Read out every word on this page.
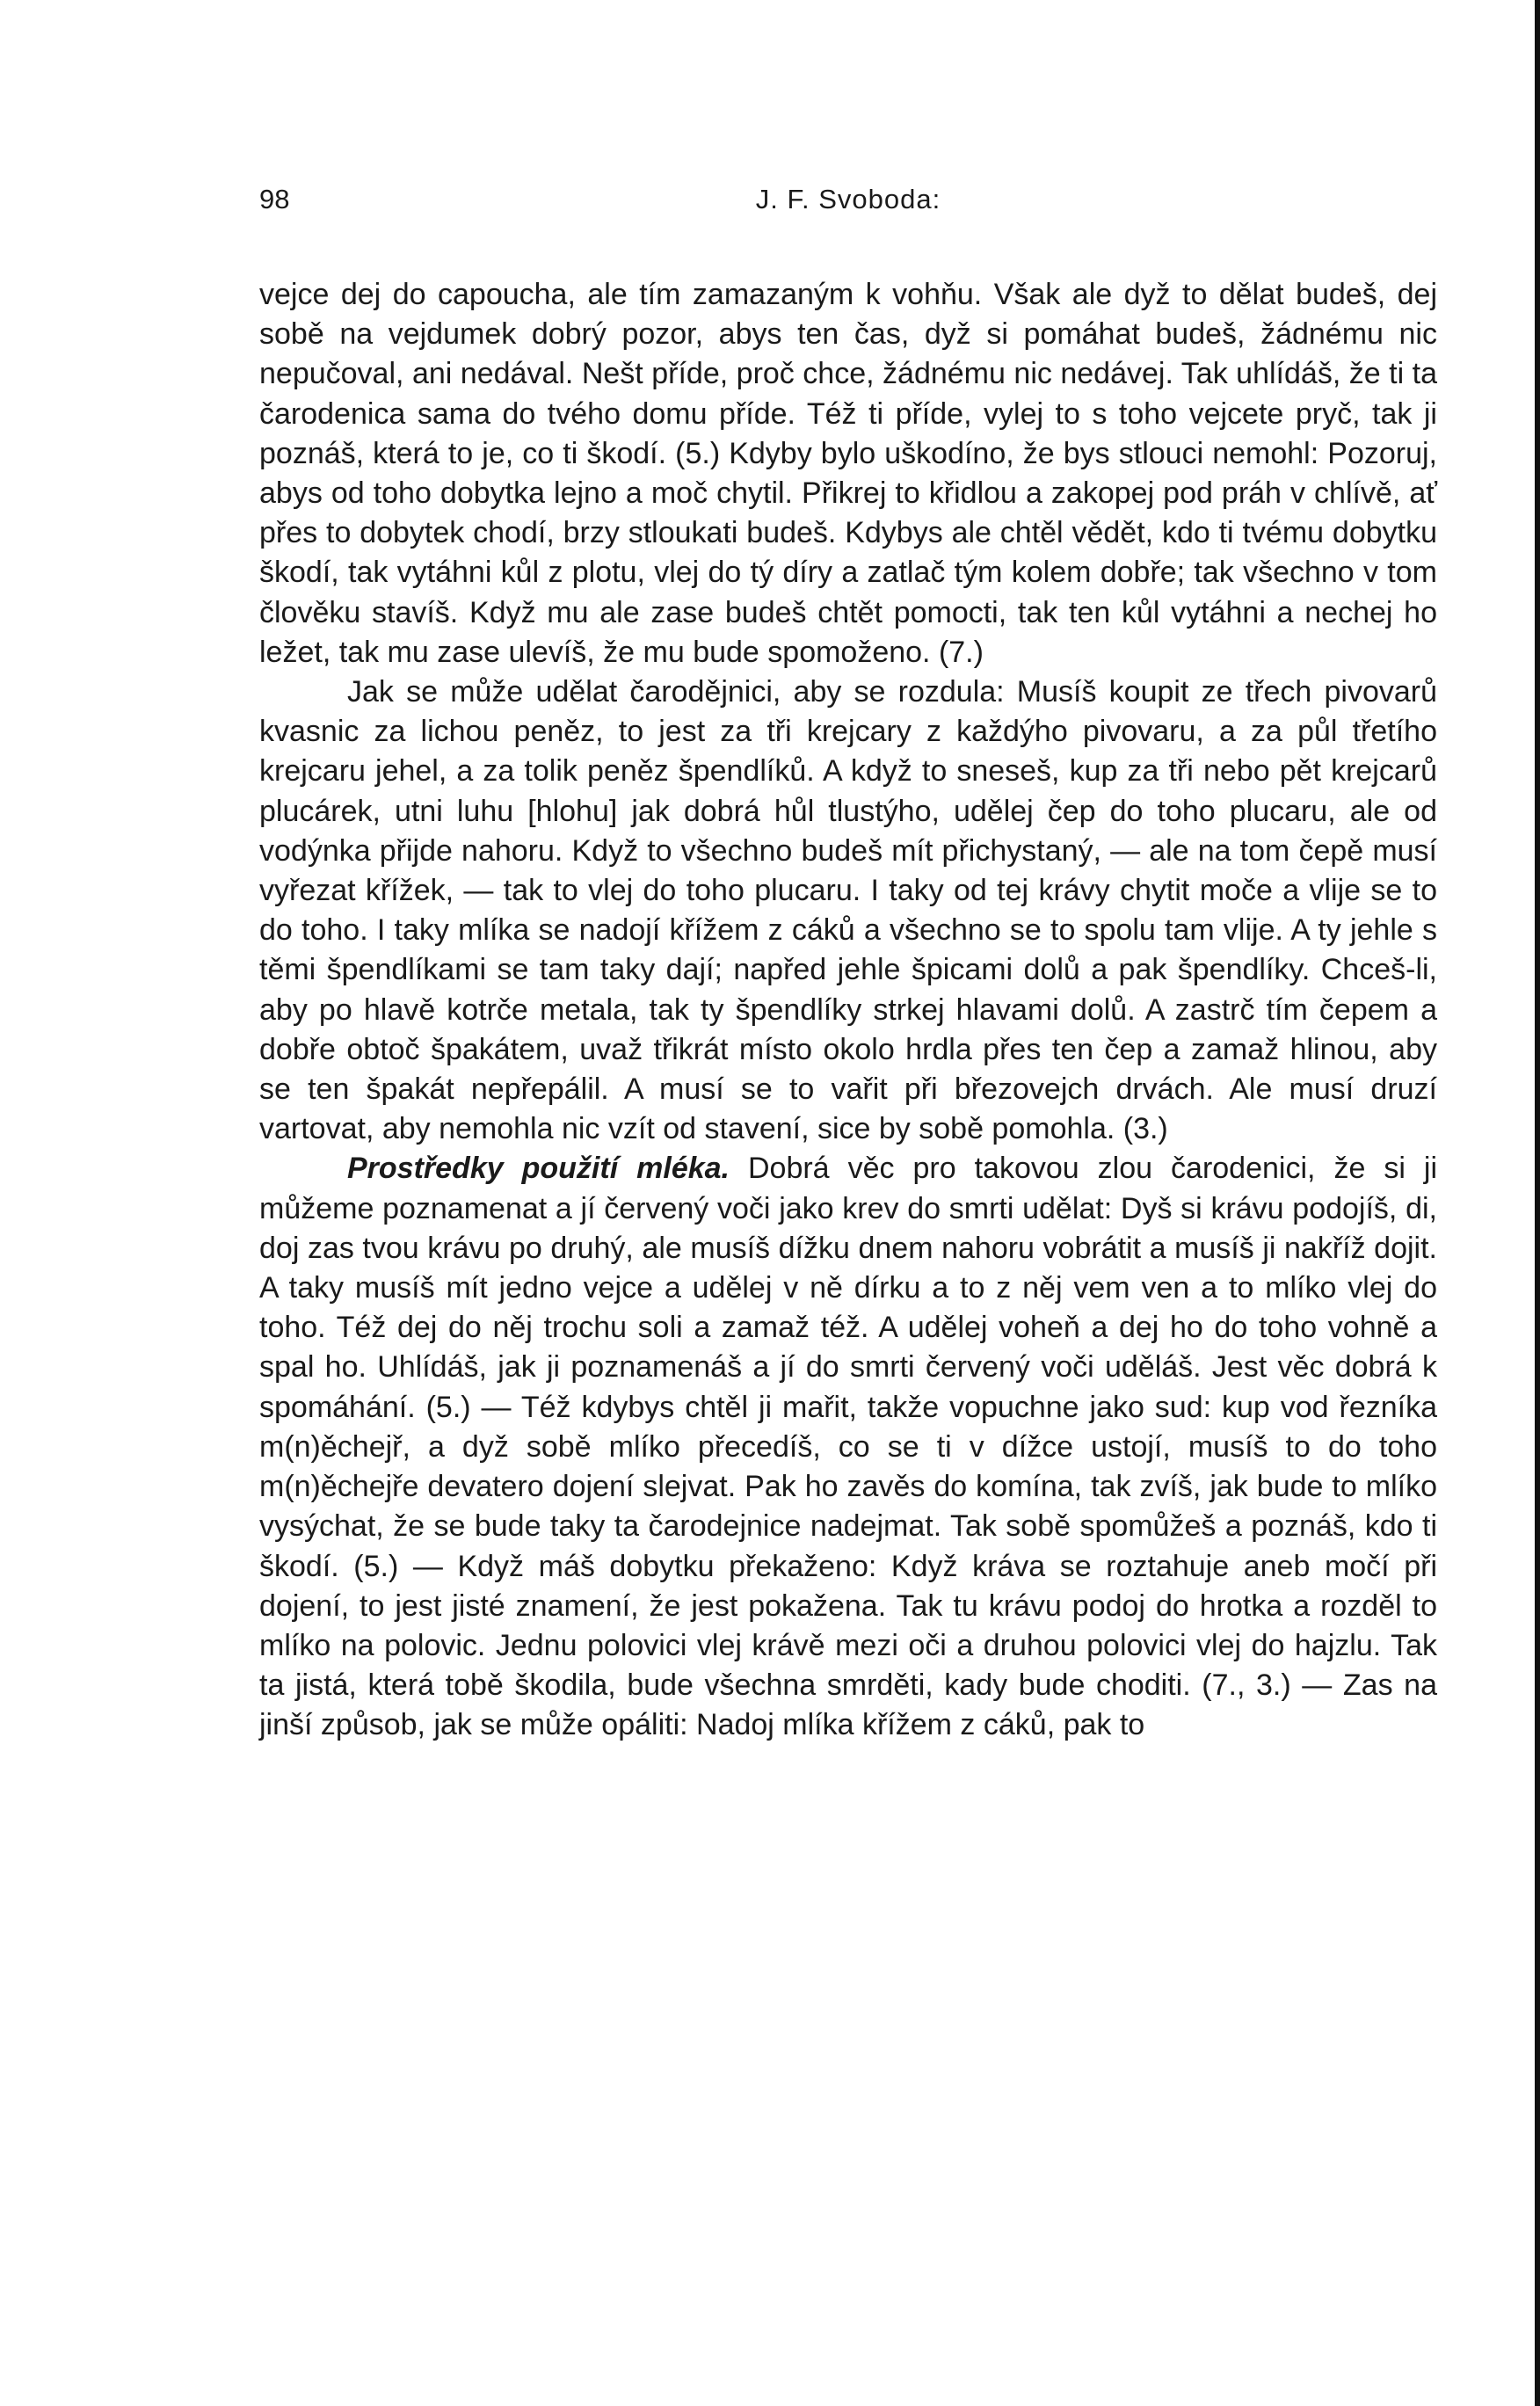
98	J. F. Svoboda:

vejce dej do capoucha, ale tím zamazaným k vohňu. Však ale dyž to dělat budeš, dej sobě na vejdumek dobrý pozor, abys ten čas, dyž si pomáhat budeš, žádnému nic nepučoval, ani nedával. Nešt příde, proč chce, žádnému nic nedávej. Tak uhlídáš, že ti ta čarodenica sama do tvého domu příde. Též ti příde, vylej to s toho vejcete pryč, tak ji poznáš, která to je, co ti škodí. (5.) Kdyby bylo uškodíno, že bys stlouci nemohl: Pozoruj, abys od toho dobytka lejno a moč chytil. Přikrej to křidlou a zakopej pod práh v chlívě, ať přes to dobytek chodí, brzy stloukati budeš. Kdybys ale chtěl vědět, kdo ti tvému dobytku škodí, tak vytáhni kůl z plotu, vlej do tý díry a zatlač tým kolem dobře; tak všechno v tom člověku stavíš. Když mu ale zase budeš chtět pomocti, tak ten kůl vytáhni a nechej ho ležet, tak mu zase ulevíš, že mu bude spomoženo. (7.)

Jak se může udělat čarodějnici, aby se rozdula: Musíš koupit ze třech pivovarů kvasnic za lichou peněz, to jest za tři krejcary z každýho pivovaru, a za půl třetího krejcaru jehel, a za tolik peněz špendlíků. A když to sneseš, kup za tři nebo pět krejcarů plucárek, utni luhu [hlohu] jak dobrá hůl tlustýho, udělej čep do toho plucaru, ale od vodýnka přijde nahoru. Když to všechno budeš mít přichystaný, — ale na tom čepě musí vyřezat křížek, — tak to vlej do toho plucaru. I taky od tej krávy chytit moče a vlije se to do toho. I taky mlíka se nadojí křížem z cáků a všechno se to spolu tam vlije. A ty jehle s těmi špendlíkami se tam taky dají; napřed jehle špicami dolů a pak špendlíky. Chceš-li, aby po hlavě kotrče metala, tak ty špendlíky strkej hlavami dolů. A zastrč tím čepem a dobře obtoč špakátem, uvaž třikrát místo okolo hrdla přes ten čep a zamaž hlinou, aby se ten špakát nepřepálil. A musí se to vařit při březovejch drvách. Ale musí druzí vartovat, aby nemohla nic vzít od stavení, sice by sobě pomohla. (3.)

Prostředky použití mléka. Dobrá věc pro takovou zlou čarodenici, že si ji můžeme poznamenat a jí červený voči jako krev do smrti udělat: Dyš si krávu podojíš, di, doj zas tvou krávu po druhý, ale musíš dížku dnem nahoru vobrátit a musíš ji nakříž dojit. A taky musíš mít jedno vejce a udělej v ně dírku a to z něj vem ven a to mlíko vlej do toho. Též dej do něj trochu soli a zamaž též. A udělej voheň a dej ho do toho vohně a spal ho. Uhlídáš, jak ji poznamenáš a jí do smrti červený voči uděláš. Jest věc dobrá k spomáhání. (5.) — Též kdybys chtěl ji mařit, takže vopuchne jako sud: kup vod řezníka m(n)ěchejř, a dyž sobě mlíko přecedíš, co se ti v dížce ustojí, musíš to do toho m(n)ěchejře devatero dojení slejvat. Pak ho zavěs do komína, tak zvíš, jak bude to mlíko vysýchat, že se bude taky ta čarodejnice nadejmat. Tak sobě spomůžeš a poznáš, kdo ti škodí. (5.) — Když máš dobytku překaženo: Když kráva se roztahuje aneb močí při dojení, to jest jisté znamení, že jest pokažena. Tak tu krávu podoj do hrotka a rozděl to mlíko na polovic. Jednu polovici vlej krávě mezi oči a druhou polovici vlej do hajzlu. Tak ta jistá, která tobě škodila, bude všechna smrděti, kady bude choditi. (7., 3.) — Zas na jinší způsob, jak se může opáliti: Nadoj mlíka křížem z cáků, pak to
